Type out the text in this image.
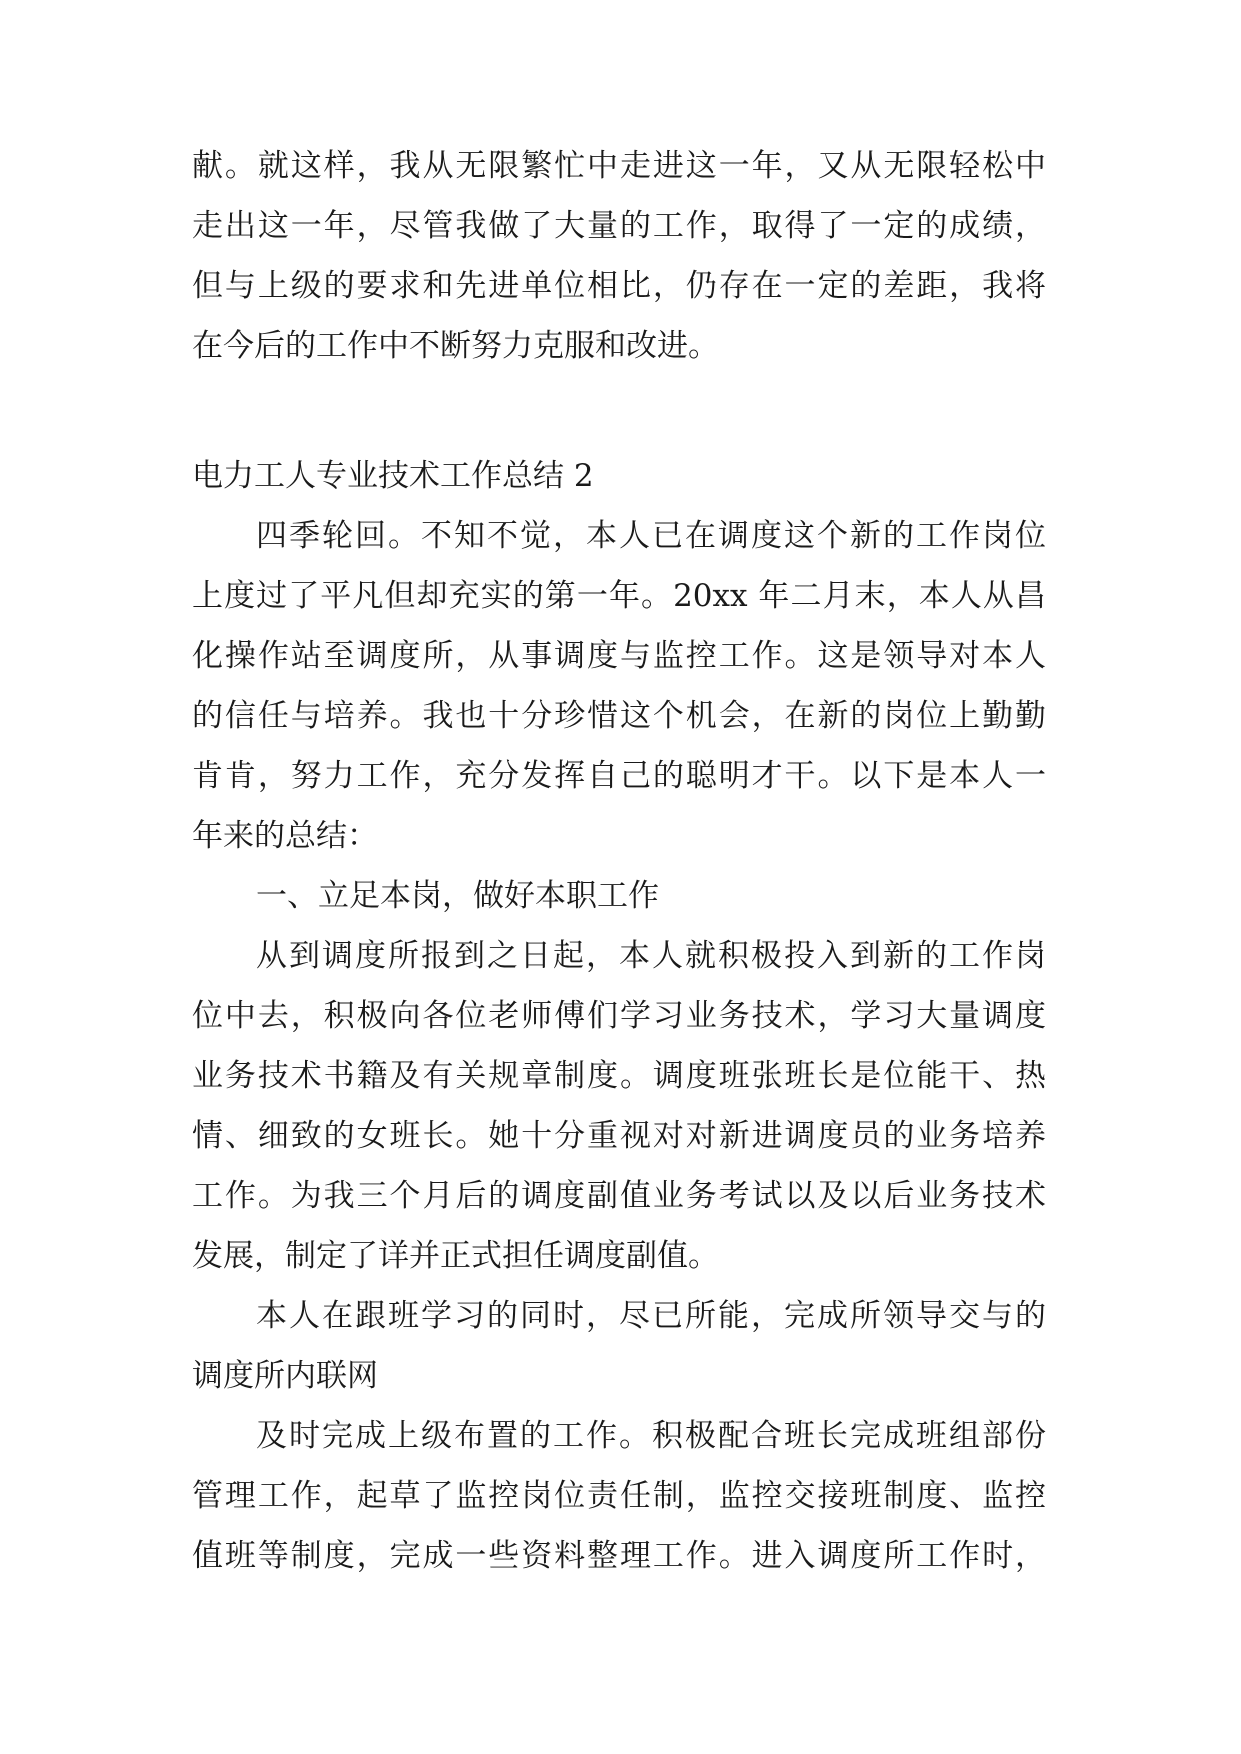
献。就这样，我从无限繁忙中走进这一年，又从无限轻松中
走出这一年，尽管我做了大量的工作，取得了一定的成绩，
但与上级的要求和先进单位相比，仍存在一定的差距，我将
在今后的工作中不断努力克服和改进。
电力工人专业技术工作总结 2
四季轮回。不知不觉，本人已在调度这个新的工作岗位
上度过了平凡但却充实的第一年。20xx 年二月末，本人从昌
化操作站至调度所，从事调度与监控工作。这是领导对本人
的信任与培养。我也十分珍惜这个机会，在新的岗位上勤勤
肯肯，努力工作，充分发挥自己的聪明才干。以下是本人一
年来的总结：
一、立足本岗，做好本职工作
从到调度所报到之日起，本人就积极投入到新的工作岗
位中去，积极向各位老师傅们学习业务技术，学习大量调度
业务技术书籍及有关规章制度。调度班张班长是位能干、热
情、细致的女班长。她十分重视对对新进调度员的业务培养
工作。为我三个月后的调度副值业务考试以及以后业务技术
发展，制定了详并正式担任调度副值。
本人在跟班学习的同时，尽已所能，完成所领导交与的
调度所内联网
及时完成上级布置的工作。积极配合班长完成班组部份
管理工作，起草了监控岗位责任制，监控交接班制度、监控
值班等制度，完成一些资料整理工作。进入调度所工作时，
